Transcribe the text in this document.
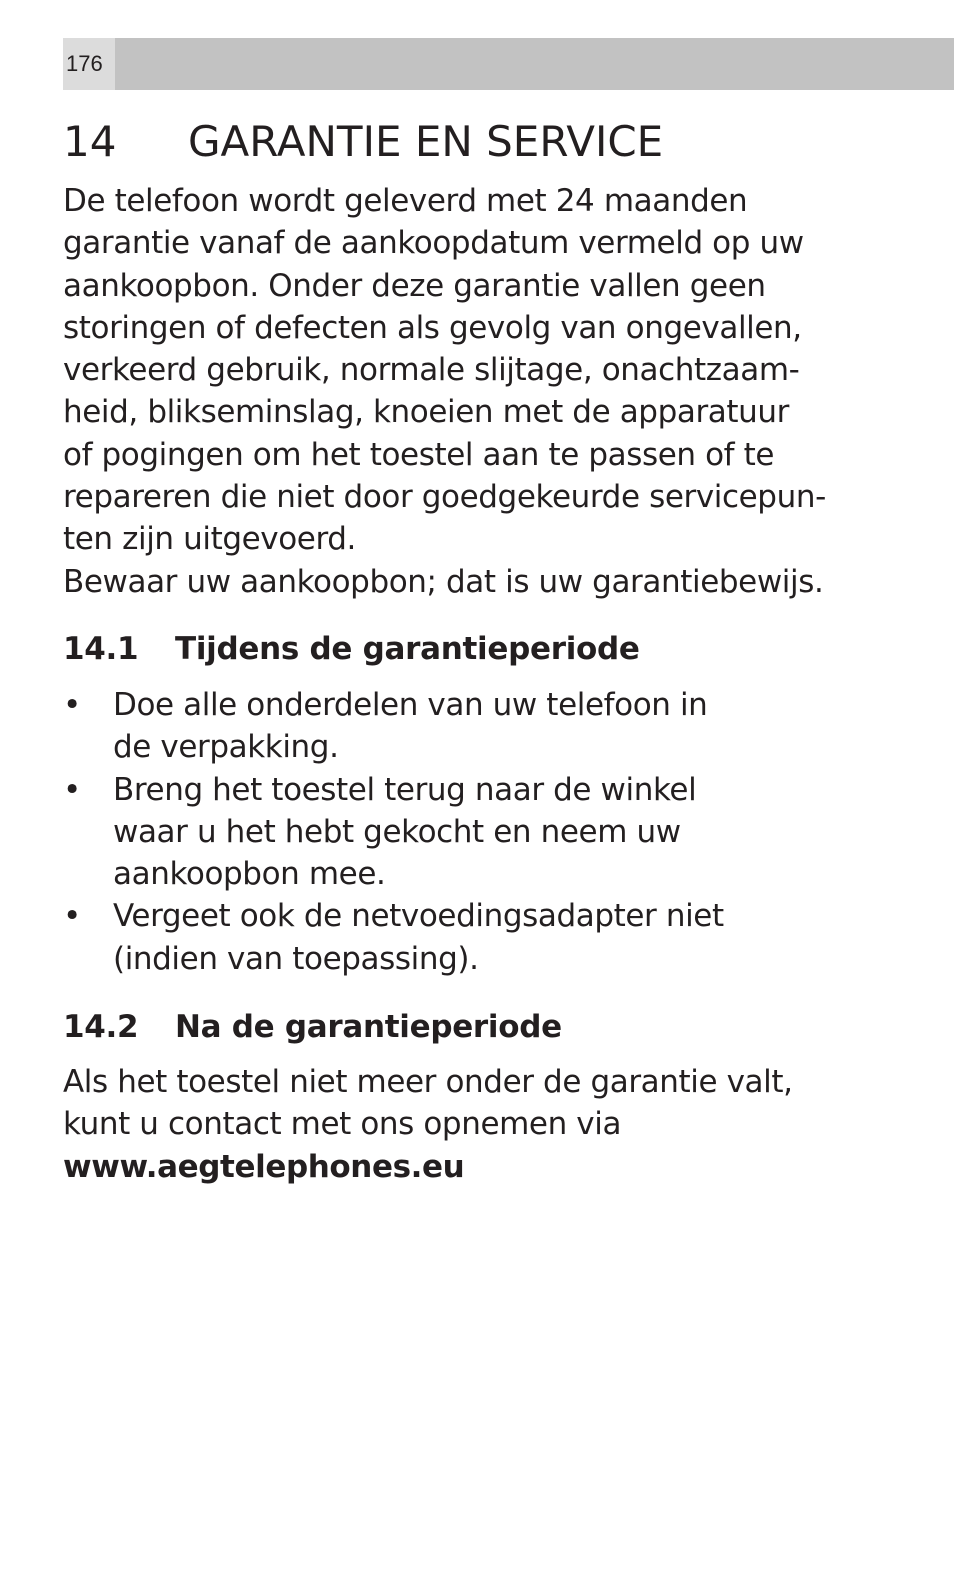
176
14 GARANTIE EN SERVICE

De telefoon wordt geleverd met 24 maanden
garantie vanaf de aankoopdatum vermeld op uw
aankoopbon. Onder deze garantie vallen geen
storingen of defecten als gevolg van ongevallen,
verkeerd gebruik, normale slijtage, onachtzaam-
heid, blikseminslag, knoeien met de apparatuur
of pogingen om het toestel aan te passen of te
repareren die niet door goedgekeurde servicepun-
ten zijn uitgevoerd.
Bewaar uw aankoopbon; dat is uw garantiebewijs.

14.1 Tijdens de garantieperiode
• Doe alle onderdelen van uw telefoon in
de verpakking.
• Breng het toestel terug naar de winkel
waar u het hebt gekocht en neem uw
aankoopbon mee.
• Vergeet ook de netvoedingsadapter niet
(indien van toepassing).
14.2 Na de garantieperiode

Als het toestel niet meer onder de garantie valt,
kunt u contact met ons opnemen via
www.aegtelephones.eu
